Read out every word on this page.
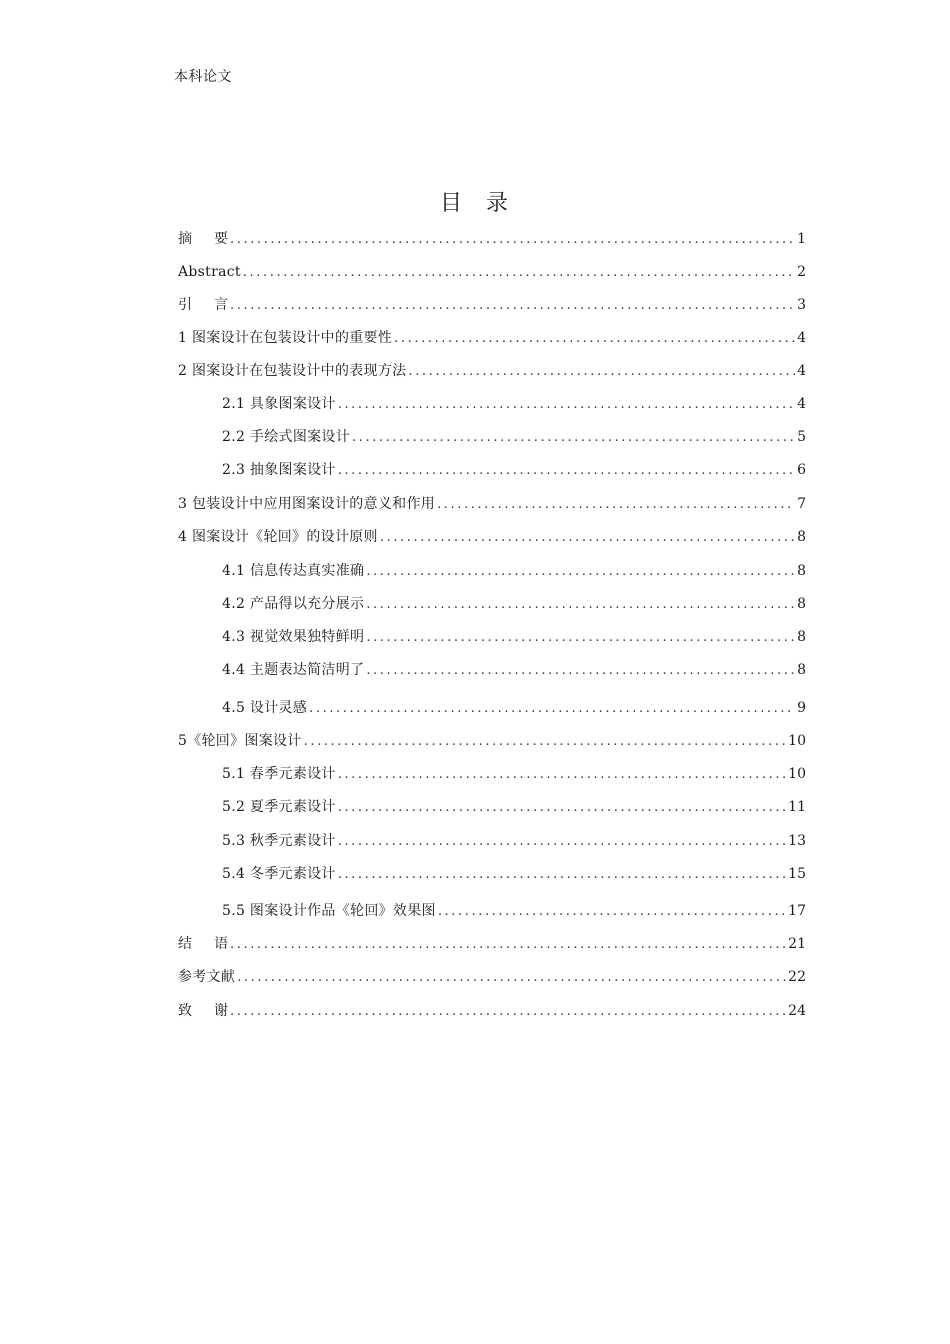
本科论文
目 录
摘 要 .....	1
Abstract .....	2
引 言 .....	3
1 图案设计在包装设计中的重要性 .....	4
2 图案设计在包装设计中的表现方法 .....	4
2.1 具象图案设计 .....	4
2.2 手绘式图案设计 .....	5
2.3 抽象图案设计 .....	6
3 包装设计中应用图案设计的意义和作用 .....	7
4 图案设计《轮回》的设计原则 .....	8
4.1 信息传达真实准确 .....	8
4.2 产品得以充分展示 .....	8
4.3 视觉效果独特鲜明 .....	8
4.4 主题表达简洁明了 .....	8
4.5 设计灵感 .....	9
5《轮回》图案设计 .....	10
5.1 春季元素设计 .....	10
5.2 夏季元素设计 .....	11
5.3 秋季元素设计 .....	13
5.4 冬季元素设计 .....	15
5.5 图案设计作品《轮回》效果图 .....	17
结 语 .....	21
参考文献 .....	22
致 谢 .....	24
